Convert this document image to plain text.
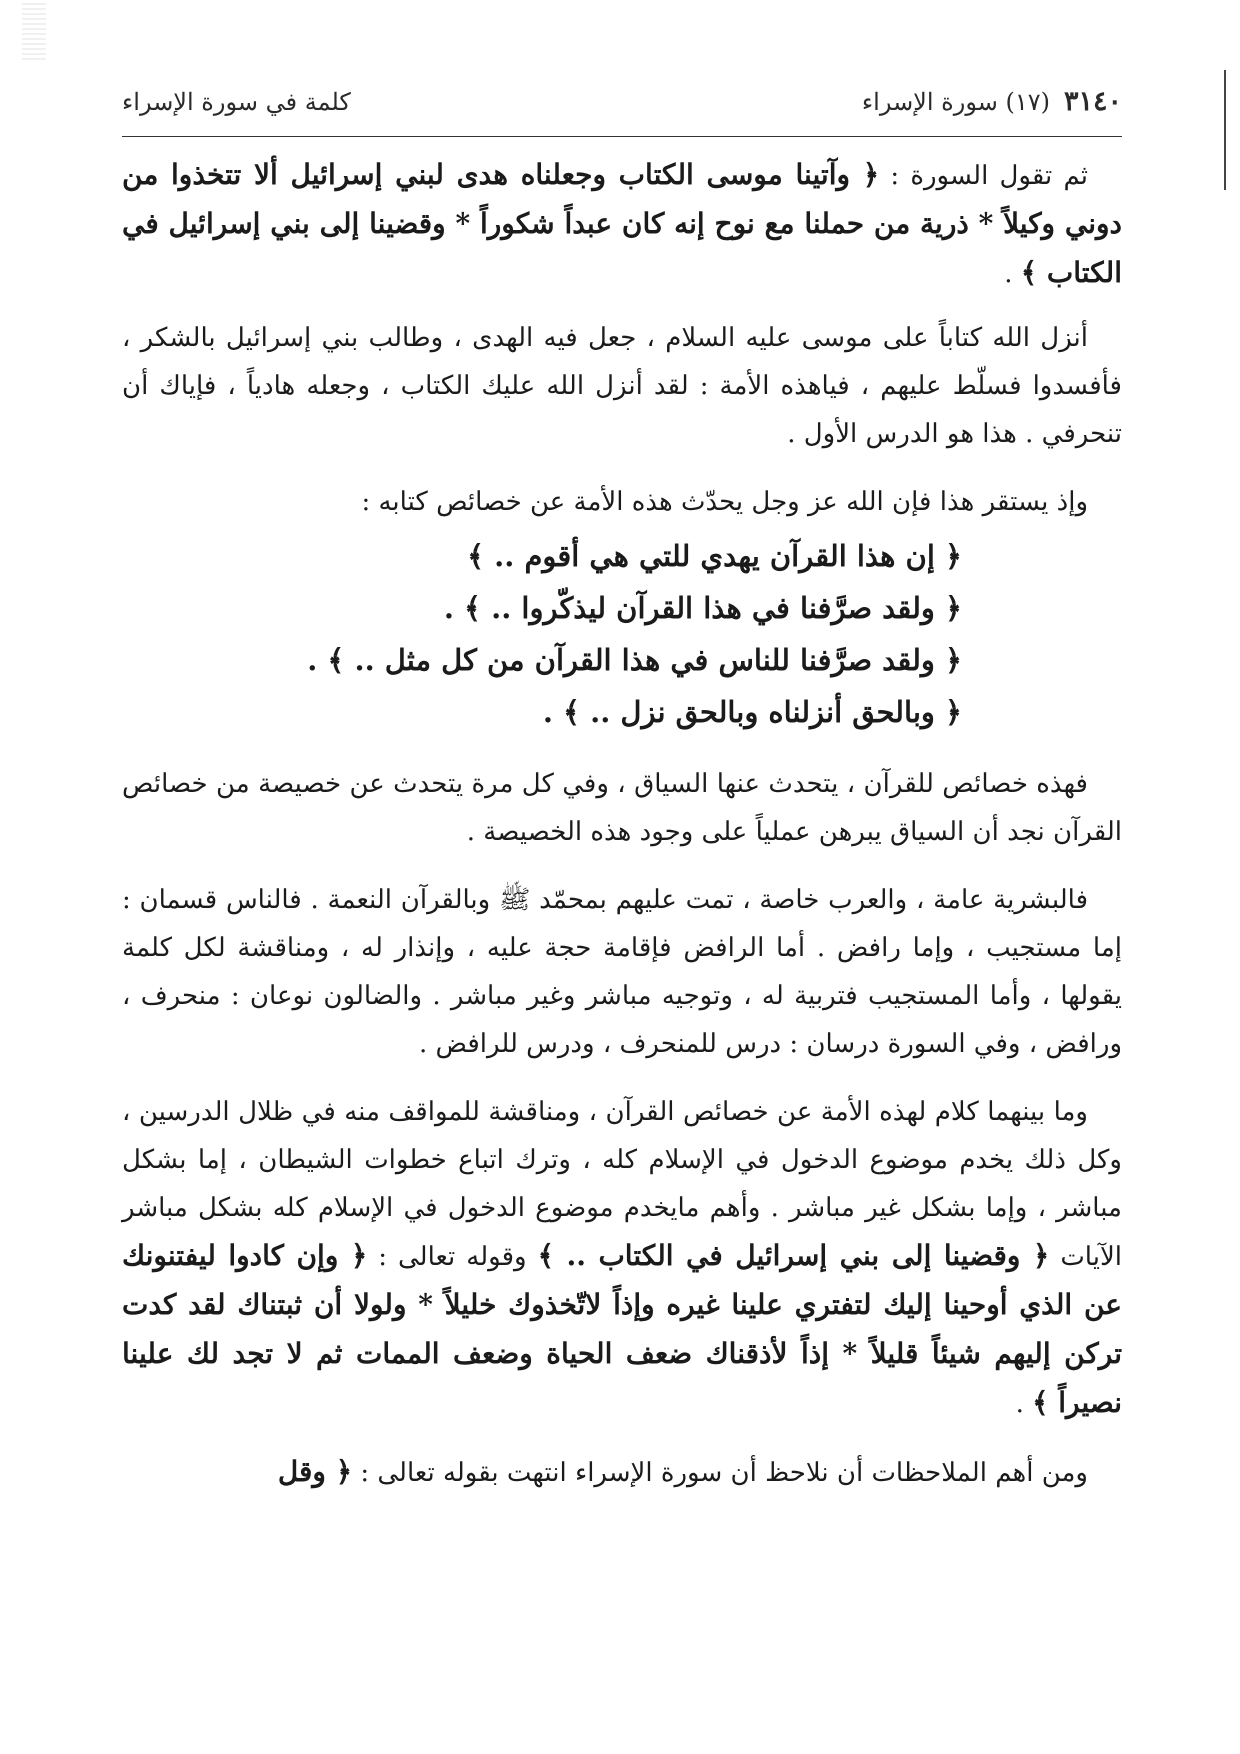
٣١٤٠
(١٧) سورة الإسراء
كلمة في سورة الإسراء

ثم تقول السورة : ﴿ وآتينا موسى الكتاب وجعلناه هدى لبني إسرائيل ألا تتخذوا من دوني وكيلاً * ذرية من حملنا مع نوح إنه كان عبداً شكوراً * وقضينا إلى بني إسرائيل في الكتاب ﴾ .

أنزل الله كتاباً على موسى عليه السلام ، جعل فيه الهدى ، وطالب بني إسرائيل بالشكر ، فأفسدوا فسلّط عليهم ، فياهذه الأمة : لقد أنزل الله عليك الكتاب ، وجعله هادياً ، فإياك أن تنحرفي . هذا هو الدرس الأول .

وإذ يستقر هذا فإن الله عز وجل يحدّث هذه الأمة عن خصائص كتابه :

﴿ إن هذا القرآن يهدي للتي هي أقوم .. ﴾
﴿ ولقد صرَّفنا في هذا القرآن ليذكّروا .. ﴾ .
﴿ ولقد صرَّفنا للناس في هذا القرآن من كل مثل .. ﴾ .
﴿ وبالحق أنزلناه وبالحق نزل .. ﴾ .

فهذه خصائص للقرآن ، يتحدث عنها السياق ، وفي كل مرة يتحدث عن خصيصة من خصائص القرآن نجد أن السياق يبرهن عملياً على وجود هذه الخصيصة .

فالبشرية عامة ، والعرب خاصة ، تمت عليهم بمحمّد ﷺ وبالقرآن النعمة . فالناس قسمان : إما مستجيب ، وإما رافض . أما الرافض فإقامة حجة عليه ، وإنذار له ، ومناقشة لكل كلمة يقولها ، وأما المستجيب فتربية له ، وتوجيه مباشر وغير مباشر . والضالون نوعان : منحرف ، ورافض ، وفي السورة درسان : درس للمنحرف ، ودرس للرافض .

وما بينهما كلام لهذه الأمة عن خصائص القرآن ، ومناقشة للمواقف منه في ظلال الدرسين ، وكل ذلك يخدم موضوع الدخول في الإسلام كله ، وترك اتباع خطوات الشيطان ، إما بشكل مباشر ، وإما بشكل غير مباشر . وأهم مايخدم موضوع الدخول في الإسلام كله بشكل مباشر الآيات ﴿ وقضينا إلى بني إسرائيل في الكتاب .. ﴾ وقوله تعالى : ﴿ وإن كادوا ليفتنونك عن الذي أوحينا إليك لتفتري علينا غيره وإذاً لاتّخذوك خليلاً * ولولا أن ثبتناك لقد كدت تركن إليهم شيئاً قليلاً * إذاً لأذقناك ضعف الحياة وضعف الممات ثم لا تجد لك علينا نصيراً ﴾ .

ومن أهم الملاحظات أن نلاحظ أن سورة الإسراء انتهت بقوله تعالى : ﴿ وقل
